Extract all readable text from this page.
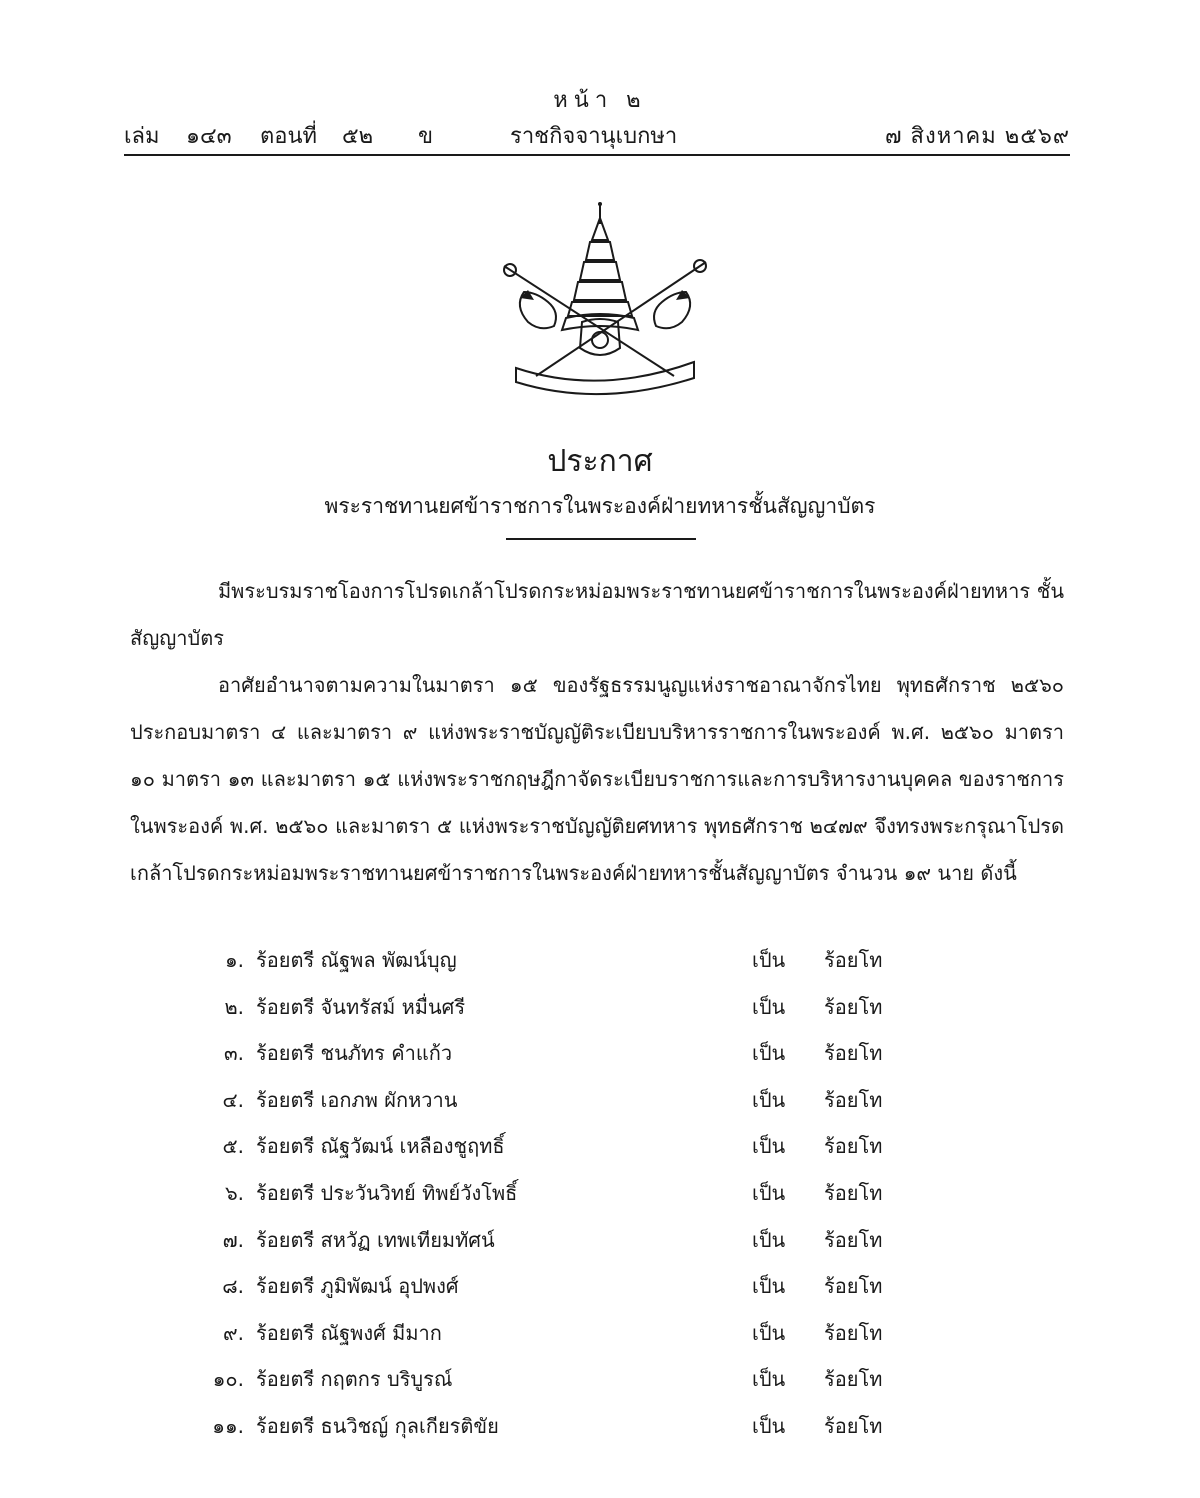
หน้า ๒
เล่ม ๑๔๓ ตอนที่ ๕๒ ข	ราชกิจจานุเบกษา	๗ สิงหาคม ๒๕๖๙
ประกาศ
พระราชทานยศข้าราชการในพระองค์ฝ่ายทหารชั้นสัญญาบัตร
มีพระบรมราชโองการโปรดเกล้าโปรดกระหม่อมพระราชทานยศข้าราชการในพระองค์ฝ่ายทหาร ชั้นสัญญาบัตร
อาศัยอำนาจตามความในมาตรา ๑๕ ของรัฐธรรมนูญแห่งราชอาณาจักรไทย พุทธศักราช ๒๕๖๐ ประกอบมาตรา ๔ และมาตรา ๙ แห่งพระราชบัญญัติระเบียบบริหารราชการในพระองค์ พ.ศ. ๒๕๖๐ มาตรา ๑๐ มาตรา ๑๓ และมาตรา ๑๕ แห่งพระราชกฤษฎีกาจัดระเบียบราชการและการบริหารงานบุคคล ของราชการในพระองค์ พ.ศ. ๒๕๖๐ และมาตรา ๕ แห่งพระราชบัญญัติยศทหาร พุทธศักราช ๒๔๗๙ จึงทรงพระกรุณาโปรดเกล้าโปรดกระหม่อมพระราชทานยศข้าราชการในพระองค์ฝ่ายทหารชั้นสัญญาบัตร จำนวน ๑๙ นาย ดังนี้
๑. ร้อยตรี ณัฐพล พัฒน์บุญ	เป็น ร้อยโท
๒. ร้อยตรี จันทรัสม์ หมื่นศรี	เป็น ร้อยโท
๓. ร้อยตรี ชนภัทร คำแก้ว	เป็น ร้อยโท
๔. ร้อยตรี เอกภพ ผักหวาน	เป็น ร้อยโท
๕. ร้อยตรี ณัฐวัฒน์ เหลืองชูฤทธิ์	เป็น ร้อยโท
๖. ร้อยตรี ประวันวิทย์ ทิพย์วังโพธิ์	เป็น ร้อยโท
๗. ร้อยตรี สหวัฏ เทพเทียมทัศน์	เป็น ร้อยโท
๘. ร้อยตรี ภูมิพัฒน์ อุปพงศ์	เป็น ร้อยโท
๙. ร้อยตรี ณัฐพงศ์ มีมาก	เป็น ร้อยโท
๑๐. ร้อยตรี กฤตกร บริบูรณ์	เป็น ร้อยโท
๑๑. ร้อยตรี ธนวิชญ์ กุลเกียรติขัย	เป็น ร้อยโท
